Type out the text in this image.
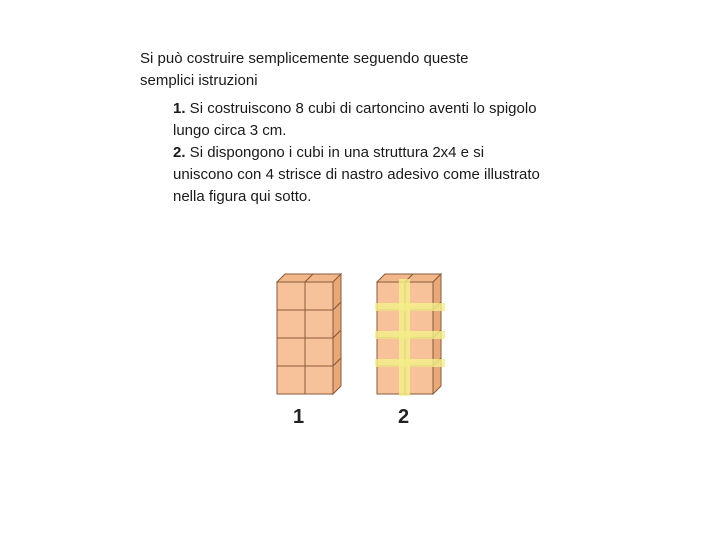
Si può costruire semplicemente seguendo queste semplici istruzioni
1. Si costruiscono 8 cubi di cartoncino aventi lo spigolo lungo circa 3 cm.
2. Si dispongono i cubi in una struttura 2x4 e si uniscono con 4 strisce di nastro adesivo come illustrato nella figura qui sotto.
1	2
